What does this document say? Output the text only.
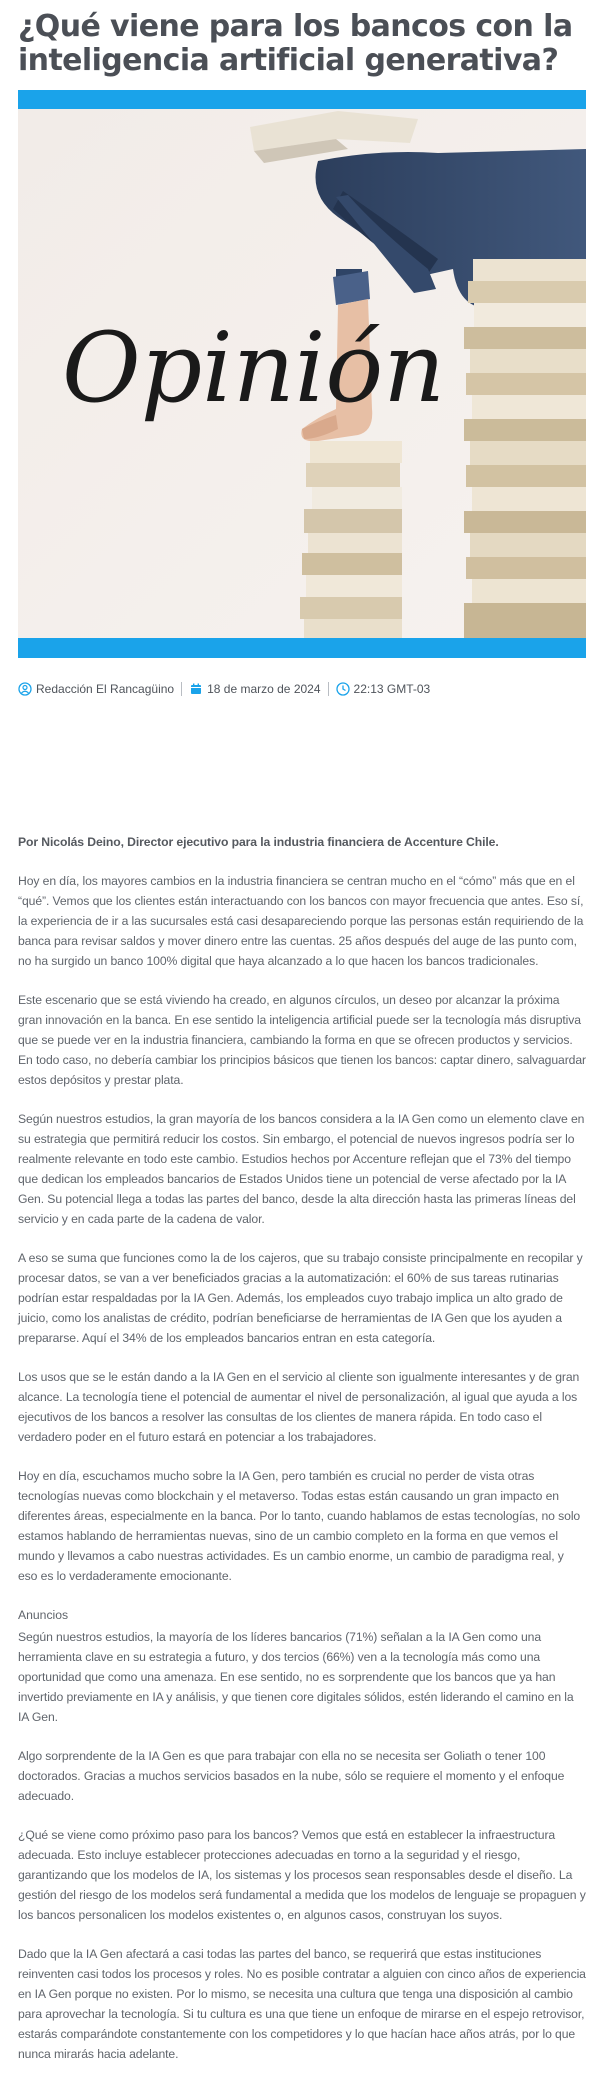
¿Qué viene para los bancos con la inteligencia artificial generativa?
Opinión
Redacción El Rancagüino	18 de marzo de 2024	22:13 GMT-03

Por Nicolás Deino, Director ejecutivo para la industria financiera de Accenture Chile.

Hoy en día, los mayores cambios en la industria financiera se centran mucho en el “cómo” más que en el “qué”. Vemos que los clientes están interactuando con los bancos con mayor frecuencia que antes. Eso sí, la experiencia de ir a las sucursales está casi desapareciendo porque las personas están requiriendo de la banca para revisar saldos y mover dinero entre las cuentas. 25 años después del auge de las punto com, no ha surgido un banco 100% digital que haya alcanzado a lo que hacen los bancos tradicionales.

Este escenario que se está viviendo ha creado, en algunos círculos, un deseo por alcanzar la próxima gran innovación en la banca. En ese sentido la inteligencia artificial puede ser la tecnología más disruptiva que se puede ver en la industria financiera, cambiando la forma en que se ofrecen productos y servicios. En todo caso, no debería cambiar los principios básicos que tienen los bancos: captar dinero, salvaguardar estos depósitos y prestar plata.

Según nuestros estudios, la gran mayoría de los bancos considera a la IA Gen como un elemento clave en su estrategia que permitirá reducir los costos. Sin embargo, el potencial de nuevos ingresos podría ser lo realmente relevante en todo este cambio. Estudios hechos por Accenture reflejan que el 73% del tiempo que dedican los empleados bancarios de Estados Unidos tiene un potencial de verse afectado por la IA Gen. Su potencial llega a todas las partes del banco, desde la alta dirección hasta las primeras líneas del servicio y en cada parte de la cadena de valor.

A eso se suma que funciones como la de los cajeros, que su trabajo consiste principalmente en recopilar y procesar datos, se van a ver beneficiados gracias a la automatización: el 60% de sus tareas rutinarias podrían estar respaldadas por la IA Gen. Además, los empleados cuyo trabajo implica un alto grado de juicio, como los analistas de crédito, podrían beneficiarse de herramientas de IA Gen que los ayuden a prepararse. Aquí el 34% de los empleados bancarios entran en esta categoría.

Los usos que se le están dando a la IA Gen en el servicio al cliente son igualmente interesantes y de gran alcance. La tecnología tiene el potencial de aumentar el nivel de personalización, al igual que ayuda a los ejecutivos de los bancos a resolver las consultas de los clientes de manera rápida. En todo caso el verdadero poder en el futuro estará en potenciar a los trabajadores.

Hoy en día, escuchamos mucho sobre la IA Gen, pero también es crucial no perder de vista otras tecnologías nuevas como blockchain y el metaverso. Todas estas están causando un gran impacto en diferentes áreas, especialmente en la banca. Por lo tanto, cuando hablamos de estas tecnologías, no solo estamos hablando de herramientas nuevas, sino de un cambio completo en la forma en que vemos el mundo y llevamos a cabo nuestras actividades. Es un cambio enorme, un cambio de paradigma real, y eso es lo verdaderamente emocionante.

Anuncios

Según nuestros estudios, la mayoría de los líderes bancarios (71%) señalan a la IA Gen como una herramienta clave en su estrategia a futuro, y dos tercios (66%) ven a la tecnología más como una oportunidad que como una amenaza. En ese sentido, no es sorprendente que los bancos que ya han invertido previamente en IA y análisis, y que tienen core digitales sólidos, estén liderando el camino en la IA Gen.

Algo sorprendente de la IA Gen es que para trabajar con ella no se necesita ser Goliath o tener 100 doctorados. Gracias a muchos servicios basados en la nube, sólo se requiere el momento y el enfoque adecuado.

¿Qué se viene como próximo paso para los bancos? Vemos que está en establecer la infraestructura adecuada. Esto incluye establecer protecciones adecuadas en torno a la seguridad y el riesgo, garantizando que los modelos de IA, los sistemas y los procesos sean responsables desde el diseño. La gestión del riesgo de los modelos será fundamental a medida que los modelos de lenguaje se propaguen y los bancos personalicen los modelos existentes o, en algunos casos, construyan los suyos.

Dado que la IA Gen afectará a casi todas las partes del banco, se requerirá que estas instituciones reinventen casi todos los procesos y roles. No es posible contratar a alguien con cinco años de experiencia en IA Gen porque no existen. Por lo mismo, se necesita una cultura que tenga una disposición al cambio para aprovechar la tecnología. Si tu cultura es una que tiene un enfoque de mirarse en el espejo retrovisor, estarás comparándote constantemente con los competidores y lo que hacían hace años atrás, por lo que nunca mirarás hacia adelante.
